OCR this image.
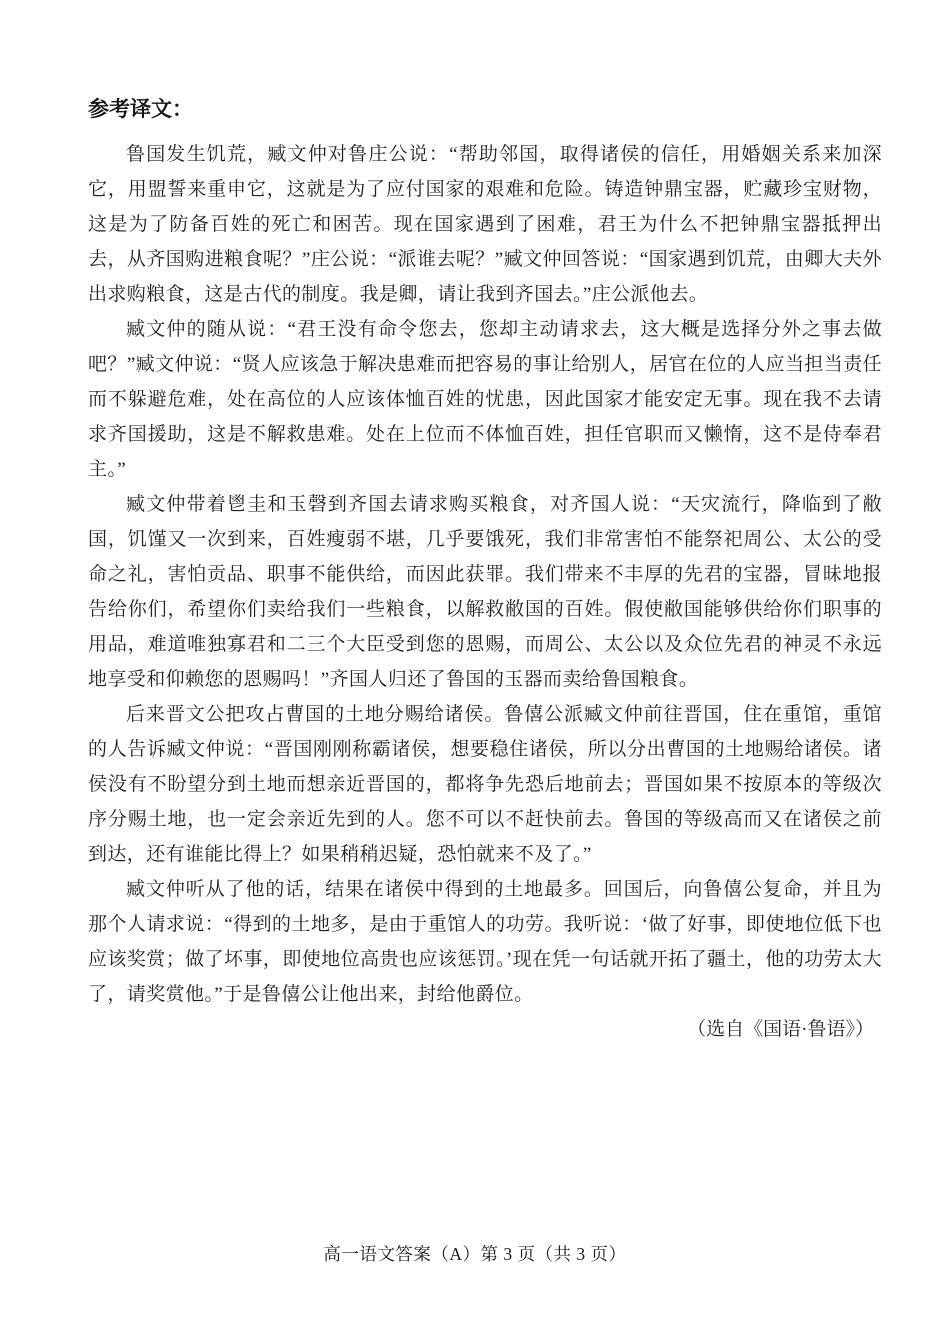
参考译文：

鲁国发生饥荒，臧文仲对鲁庄公说：“帮助邻国，取得诸侯的信任，用婚姻关系来加深它，用盟誓来重申它，这就是为了应付国家的艰难和危险。铸造钟鼎宝器，贮藏珍宝财物，这是为了防备百姓的死亡和困苦。现在国家遇到了困难，君王为什么不把钟鼎宝器抵押出去，从齐国购进粮食呢？”庄公说：“派谁去呢？”臧文仲回答说：“国家遇到饥荒，由卿大夫外出求购粮食，这是古代的制度。我是卿，请让我到齐国去。”庄公派他去。

臧文仲的随从说：“君王没有命令您去，您却主动请求去，这大概是选择分外之事去做吧？”臧文仲说：“贤人应该急于解决患难而把容易的事让给别人，居官在位的人应当担当责任而不躲避危难，处在高位的人应该体恤百姓的忧患，因此国家才能安定无事。现在我不去请求齐国援助，这是不解救患难。处在上位而不体恤百姓，担任官职而又懒惰，这不是侍奉君主。”

臧文仲带着鬯圭和玉磬到齐国去请求购买粮食，对齐国人说：“天灾流行，降临到了敝国，饥馑又一次到来，百姓瘦弱不堪，几乎要饿死，我们非常害怕不能祭祀周公、太公的受命之礼，害怕贡品、职事不能供给，而因此获罪。我们带来不丰厚的先君的宝器，冒昧地报告给你们，希望你们卖给我们一些粮食，以解救敝国的百姓。假使敝国能够供给你们职事的用品，难道唯独寡君和二三个大臣受到您的恩赐，而周公、太公以及众位先君的神灵不永远地享受和仰赖您的恩赐吗！”齐国人归还了鲁国的玉器而卖给鲁国粮食。

后来晋文公把攻占曹国的土地分赐给诸侯。鲁僖公派臧文仲前往晋国，住在重馆，重馆的人告诉臧文仲说：“晋国刚刚称霸诸侯，想要稳住诸侯，所以分出曹国的土地赐给诸侯。诸侯没有不盼望分到土地而想亲近晋国的，都将争先恐后地前去；晋国如果不按原本的等级次序分赐土地，也一定会亲近先到的人。您不可以不赶快前去。鲁国的等级高而又在诸侯之前到达，还有谁能比得上？如果稍稍迟疑，恐怕就来不及了。”

臧文仲听从了他的话，结果在诸侯中得到的土地最多。回国后，向鲁僖公复命，并且为那个人请求说：“得到的土地多，是由于重馆人的功劳。我听说：‘做了好事，即使地位低下也应该奖赏；做了坏事，即使地位高贵也应该惩罚。’现在凭一句话就开拓了疆土，他的功劳太大了，请奖赏他。”于是鲁僖公让他出来，封给他爵位。

（选自《国语·鲁语》）

高一语文答案（A）第 3 页（共 3 页）
